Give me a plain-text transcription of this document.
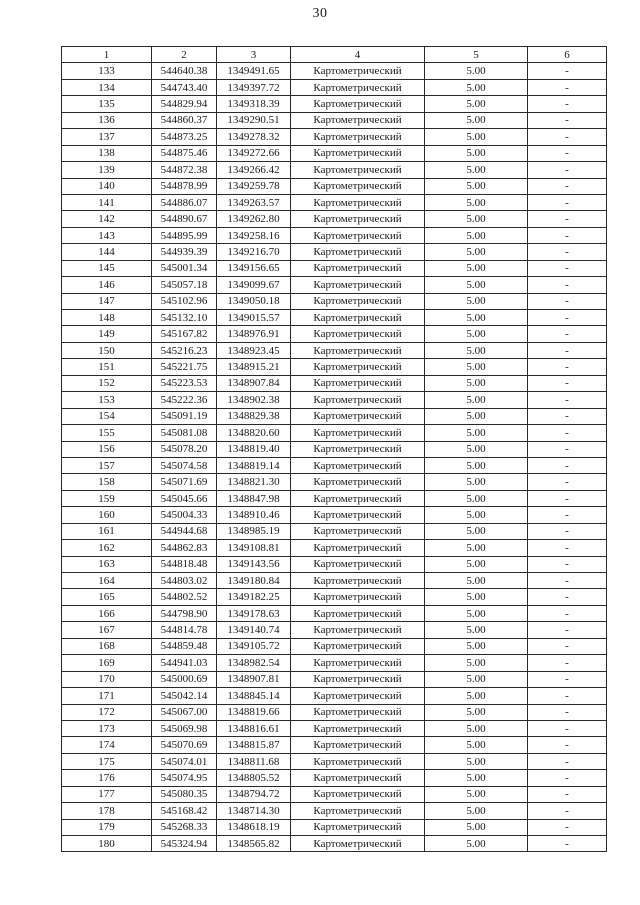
30
1	2	3	4	5	6
133	544640.38	1349491.65	Картометрический	5.00	-
134	544743.40	1349397.72	Картометрический	5.00	-
135	544829.94	1349318.39	Картометрический	5.00	-
136	544860.37	1349290.51	Картометрический	5.00	-
137	544873.25	1349278.32	Картометрический	5.00	-
138	544875.46	1349272.66	Картометрический	5.00	-
139	544872.38	1349266.42	Картометрический	5.00	-
140	544878.99	1349259.78	Картометрический	5.00	-
141	544886.07	1349263.57	Картометрический	5.00	-
142	544890.67	1349262.80	Картометрический	5.00	-
143	544895.99	1349258.16	Картометрический	5.00	-
144	544939.39	1349216.70	Картометрический	5.00	-
145	545001.34	1349156.65	Картометрический	5.00	-
146	545057.18	1349099.67	Картометрический	5.00	-
147	545102.96	1349050.18	Картометрический	5.00	-
148	545132.10	1349015.57	Картометрический	5.00	-
149	545167.82	1348976.91	Картометрический	5.00	-
150	545216.23	1348923.45	Картометрический	5.00	-
151	545221.75	1348915.21	Картометрический	5.00	-
152	545223.53	1348907.84	Картометрический	5.00	-
153	545222.36	1348902.38	Картометрический	5.00	-
154	545091.19	1348829.38	Картометрический	5.00	-
155	545081.08	1348820.60	Картометрический	5.00	-
156	545078.20	1348819.40	Картометрический	5.00	-
157	545074.58	1348819.14	Картометрический	5.00	-
158	545071.69	1348821.30	Картометрический	5.00	-
159	545045.66	1348847.98	Картометрический	5.00	-
160	545004.33	1348910.46	Картометрический	5.00	-
161	544944.68	1348985.19	Картометрический	5.00	-
162	544862.83	1349108.81	Картометрический	5.00	-
163	544818.48	1349143.56	Картометрический	5.00	-
164	544803.02	1349180.84	Картометрический	5.00	-
165	544802.52	1349182.25	Картометрический	5.00	-
166	544798.90	1349178.63	Картометрический	5.00	-
167	544814.78	1349140.74	Картометрический	5.00	-
168	544859.48	1349105.72	Картометрический	5.00	-
169	544941.03	1348982.54	Картометрический	5.00	-
170	545000.69	1348907.81	Картометрический	5.00	-
171	545042.14	1348845.14	Картометрический	5.00	-
172	545067.00	1348819.66	Картометрический	5.00	-
173	545069.98	1348816.61	Картометрический	5.00	-
174	545070.69	1348815.87	Картометрический	5.00	-
175	545074.01	1348811.68	Картометрический	5.00	-
176	545074.95	1348805.52	Картометрический	5.00	-
177	545080.35	1348794.72	Картометрический	5.00	-
178	545168.42	1348714.30	Картометрический	5.00	-
179	545268.33	1348618.19	Картометрический	5.00	-
180	545324.94	1348565.82	Картометрический	5.00	-
